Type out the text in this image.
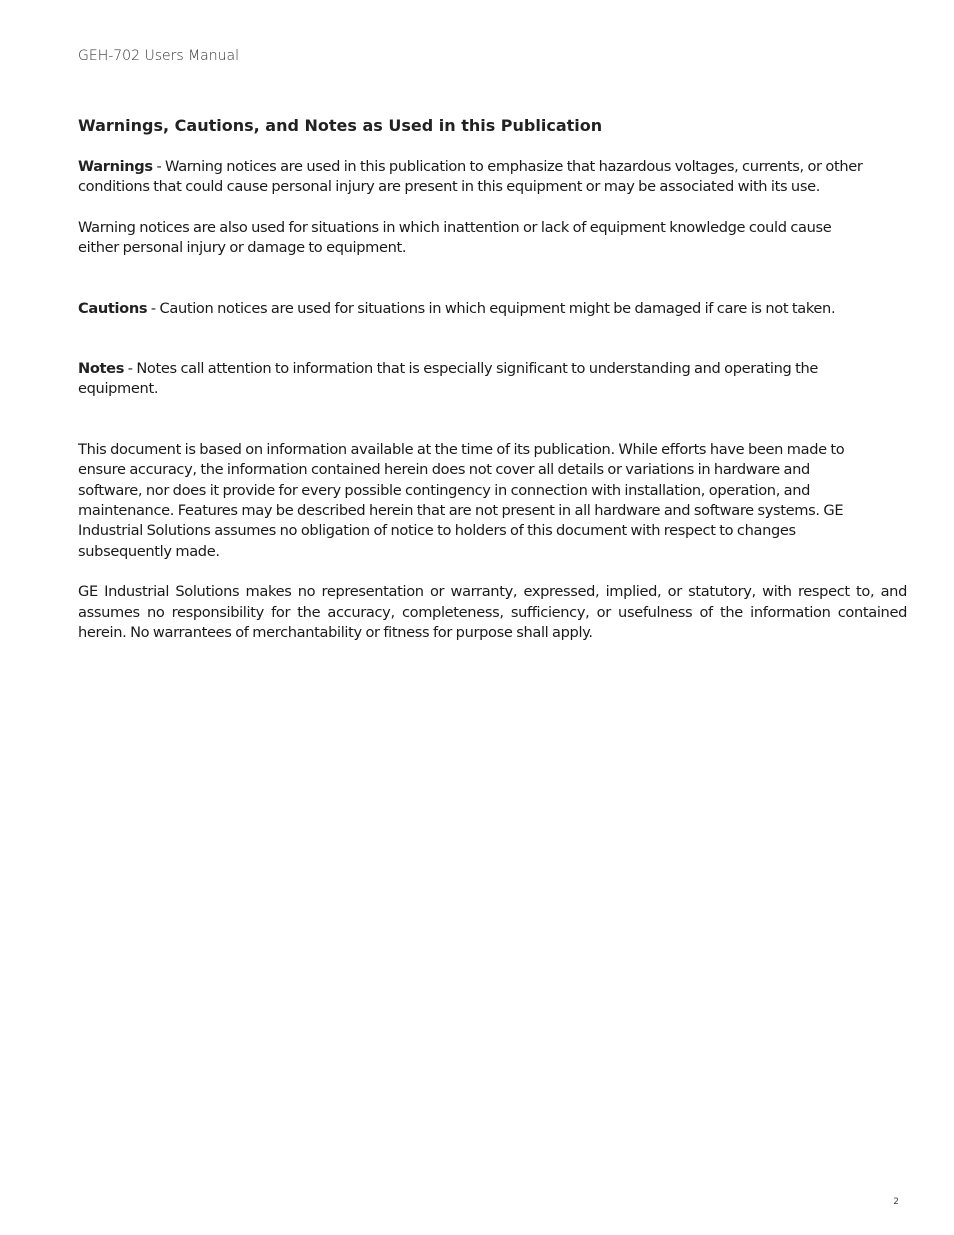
GEH-702 Users Manual
Warnings, Cautions, and Notes as Used in this Publication

Warnings - Warning notices are used in this publication to emphasize that hazardous voltages, currents, or other conditions that could cause personal injury are present in this equipment or may be associated with its use.

Warning notices are also used for situations in which inattention or lack of equipment knowledge could cause either personal injury or damage to equipment.

Cautions - Caution notices are used for situations in which equipment might be damaged if care is not taken.

Notes - Notes call attention to information that is especially significant to understanding and operating the equipment.

This document is based on information available at the time of its publication. While efforts have been made to ensure accuracy, the information contained herein does not cover all details or variations in hardware and software, nor does it provide for every possible contingency in connection with installation, operation, and maintenance. Features may be described herein that are not present in all hardware and software systems. GE Industrial Solutions assumes no obligation of notice to holders of this document with respect to changes subsequently made.

GE Industrial Solutions makes no representation or warranty, expressed, implied, or statutory, with respect to, and assumes no responsibility for the accuracy, completeness, sufficiency, or usefulness of the information contained herein. No warrantees of merchantability or fitness for purpose shall apply.

2
